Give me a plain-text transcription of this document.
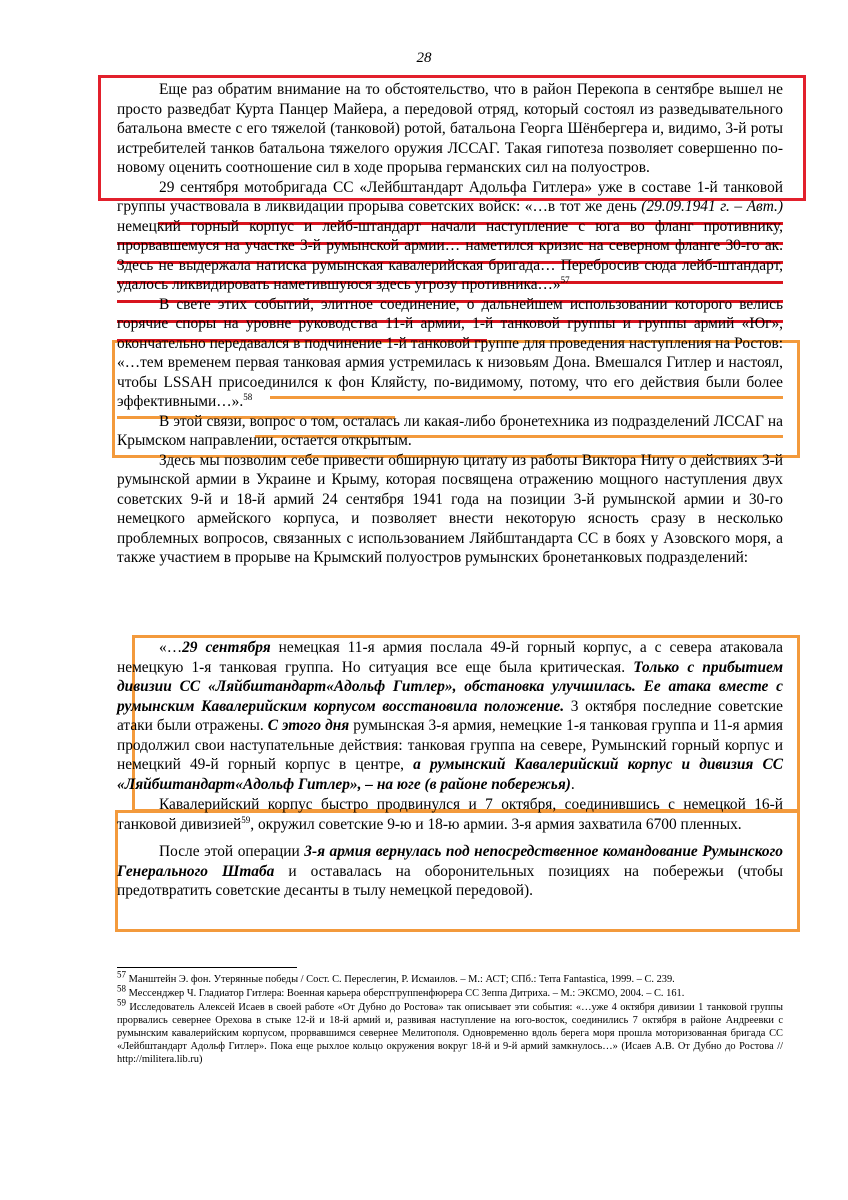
28

Еще раз обратим внимание на то обстоятельство, что в район Перекопа в сентябре вышел не просто разведбат Курта Панцер Майера, а передовой отряд, который состоял из разведывательного батальона вместе с его тяжелой (танковой) ротой, батальона Георга Шёнбергера и, видимо, 3-й роты истребителей танков батальона тяжелого оружия ЛССАГ. Такая гипотеза позволяет совершенно по-новому оценить соотношение сил в ходе прорыва германских сил на полуостров.

29 сентября мотобригада СС «Лейбштандарт Адольфа Гитлера» уже в составе 1-й танковой группы участвовала в ликвидации прорыва советских войск: «…в тот же день (29.09.1941 г. – Авт.) немецкий горный корпус и лейб-штандарт начали наступление с юга во фланг противнику, прорвавшемуся на участке 3-й румынской армии… наметился кризис на северном фланге 30-го ак. Здесь не выдержала натиска румынская кавалерийская бригада… Перебросив сюда лейб-штандарт, удалось ликвидировать наметившуюся здесь угрозу противника…»$^{57}$

В свете этих событий, элитное соединение, о дальнейшем использовании которого велись горячие споры на уровне руководства 11-й армии, 1-й танковой группы и группы армий «Юг», окончательно передавался в подчинение 1-й танковой группе для проведения наступления на Ростов: «…тем временем первая танковая армия устремилась к низовьям Дона. Вмешался Гитлер и настоял, чтобы LSSAH присоединился к фон Кляйсту, по-видимому, потому, что его действия были более эффективными…».$^{58}$

В этой связи, вопрос о том, осталась ли какая-либо бронетехника из подразделений ЛССАГ на Крымском направлении, остается открытым.

Здесь мы позволим себе привести обширную цитату из работы Виктора Ниту о действиях 3-й румынской армии в Украине и Крыму, которая посвящена отражению мощного наступления двух советских 9-й и 18-й армий 24 сентября 1941 года на позиции 3-й румынской армии и 30-го немецкого армейского корпуса, и позволяет внести некоторую ясность сразу в несколько проблемных вопросов, связанных с использованием Ляйбштандарта СС в боях у Азовского моря, а также участием в прорыве на Крымский полуостров румынских бронетанковых подразделений:

«…29 сентября немецкая 11-я армия послала 49-й горный корпус, а с севера атаковала немецкую 1-я танковая группа. Но ситуация все еще была критическая. Только с прибытием дивизии СС «Ляйбштандарт«Адольф Гитлер», обстановка улучшилась. Ее атака вместе с румынским Кавалерийским корпусом восстановила положение. 3 октября последние советские атаки были отражены. С этого дня румынская 3-я армия, немецкие 1-я танковая группа и 11-я армия продолжил свои наступательные действия: танковая группа на севере, Румынский горный корпус и немецкий 49-й горный корпус в центре, а румынский Кавалерийский корпус и дивизия СС «Ляйбштандарт«Адольф Гитлер», – на юге (в районе побережья).

Кавалерийский корпус быстро продвинулся и 7 октября, соединившись с немецкой 16-й танковой дивизией$^{59}$, окружил советские 9-ю и 18-ю армии. 3-я армия захватила 6700 пленных.

После этой операции 3-я армия вернулась под непосредственное командование Румынского Генерального Штаба и оставалась на оборонительных позициях на побережьи (чтобы предотвратить советские десанты в тылу немецкой передовой).

$^{57}$ Манштейн Э. фон. Утерянные победы / Сост. С. Переслегин, Р. Исмаилов. – М.: АСТ; СПб.: Terra Fantastica, 1999. – С. 239.

$^{58}$ Мессенджер Ч. Гладиатор Гитлера: Военная карьера оберстгруппенфюрера СС Зеппа Дитриха. – М.: ЭКСМО, 2004. – С. 161.

$^{59}$ Исследователь Алексей Исаев в своей работе «От Дубно до Ростова» так описывает эти события: «…уже 4 октября дивизии 1 танковой группы прорвались севернее Орехова в стыке 12-й и 18-й армий и, развивая наступление на юго-восток, соединились 7 октября в районе Андреевки с румынским кавалерийским корпусом, прорвавшимся севернее Мелитополя. Одновременно вдоль берега моря прошла моторизованная бригада СС «Лейбштандарт Адольф Гитлер». Пока еще рыхлое кольцо окружения вокруг 18-й и 9-й армий замкнулось…» (Исаев А.В. От Дубно до Ростова // http://militera.lib.ru)
